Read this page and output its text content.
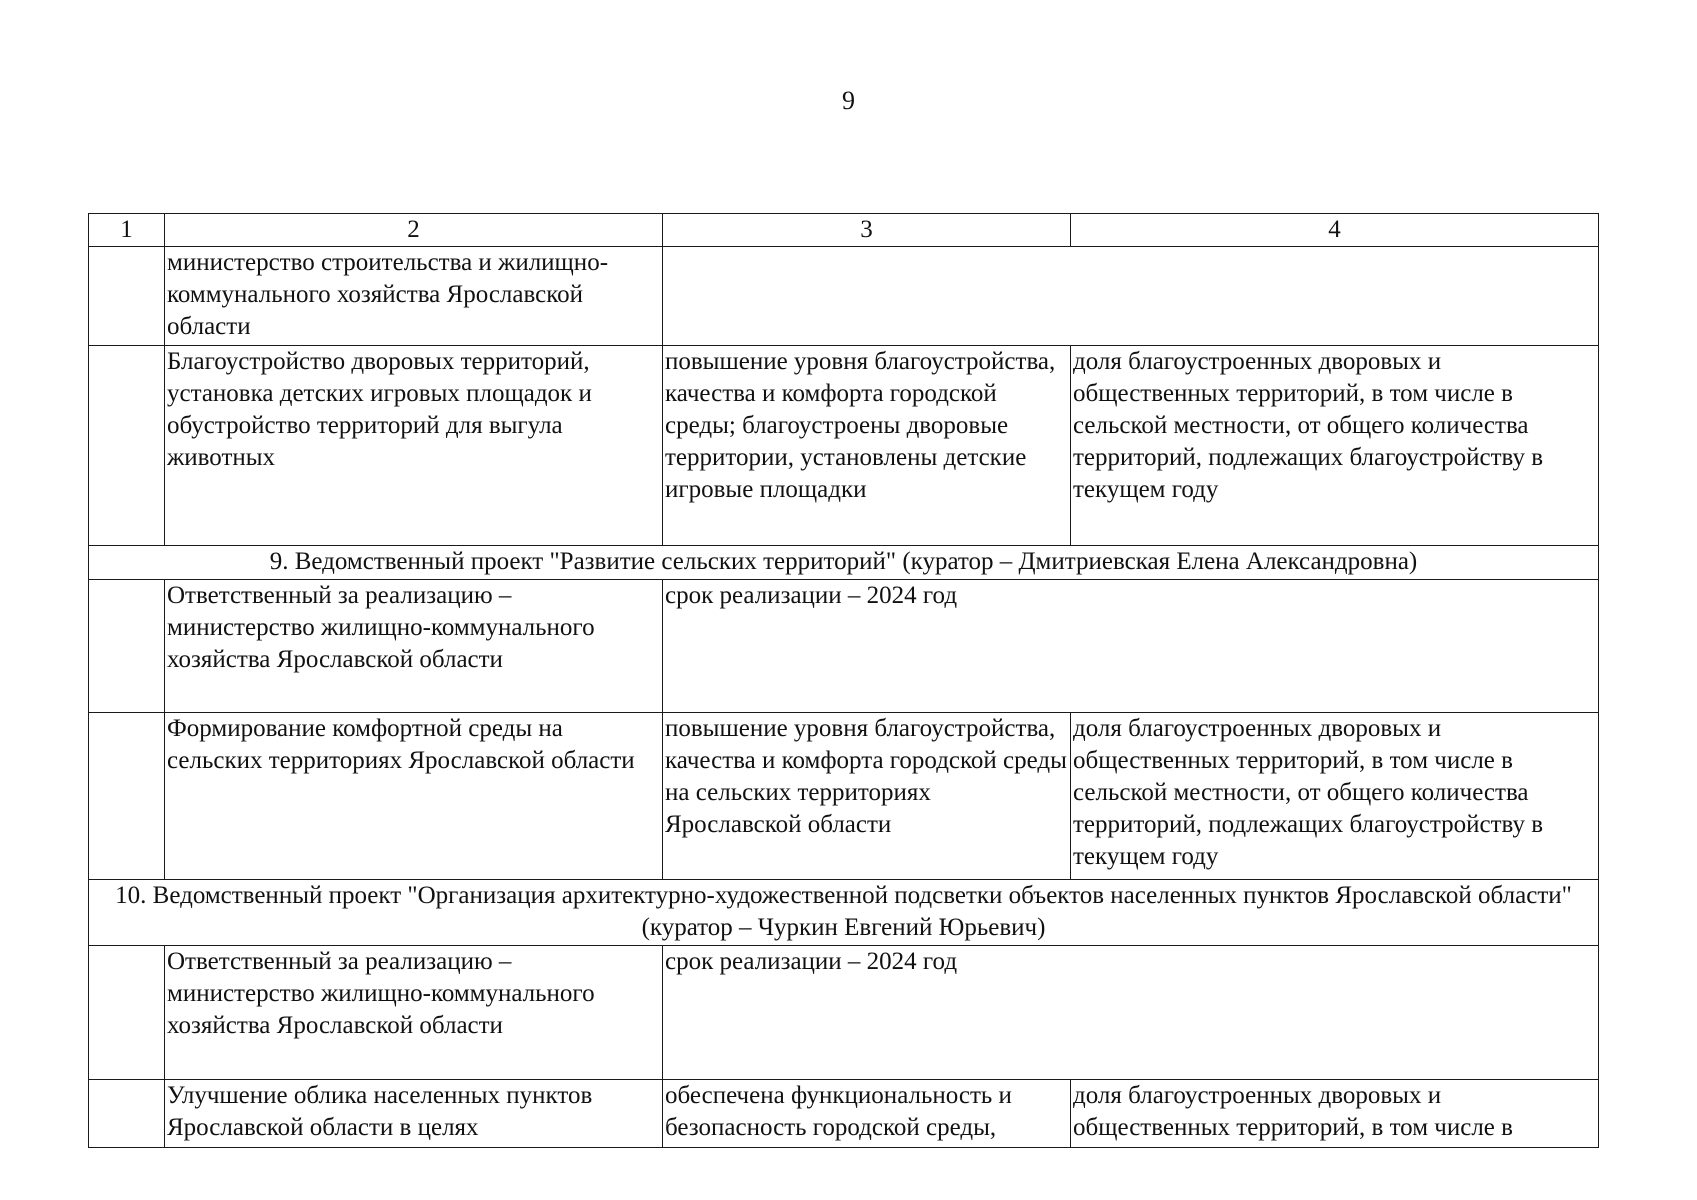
9
1	2	3	4
	министерство строительства и жилищно-коммунального хозяйства Ярославской области		
	Благоустройство дворовых территорий, установка детских игровых площадок и обустройство территорий для выгула животных	повышение уровня благоустройства, качества и комфорта городской среды; благоустроены дворовые территории, установлены детские игровые площадки	доля благоустроенных дворовых и общественных территорий, в том числе в сельской местности, от общего количества территорий, подлежащих благоустройству в текущем году
9. Ведомственный проект "Развитие сельских территорий" (куратор – Дмитриевская Елена Александровна)			
	Ответственный за реализацию – министерство жилищно-коммунального хозяйства Ярославской области	срок реализации – 2024 год	
	Формирование комфортной среды на сельских территориях Ярославской области	повышение уровня благоустройства, качества и комфорта городской среды на сельских территориях Ярославской области	доля благоустроенных дворовых и общественных территорий, в том числе в сельской местности, от общего количества территорий, подлежащих благоустройству в текущем году
10. Ведомственный проект "Организация архитектурно-художественной подсветки объектов населенных пунктов Ярославской области" (куратор – Чуркин Евгений Юрьевич)			
	Ответственный за реализацию – министерство жилищно-коммунального хозяйства Ярославской области	срок реализации – 2024 год	
	Улучшение облика населенных пунктов Ярославской области в целях	обеспечена функциональность и безопасность городской среды,	доля благоустроенных дворовых и общественных территорий, в том числе в
